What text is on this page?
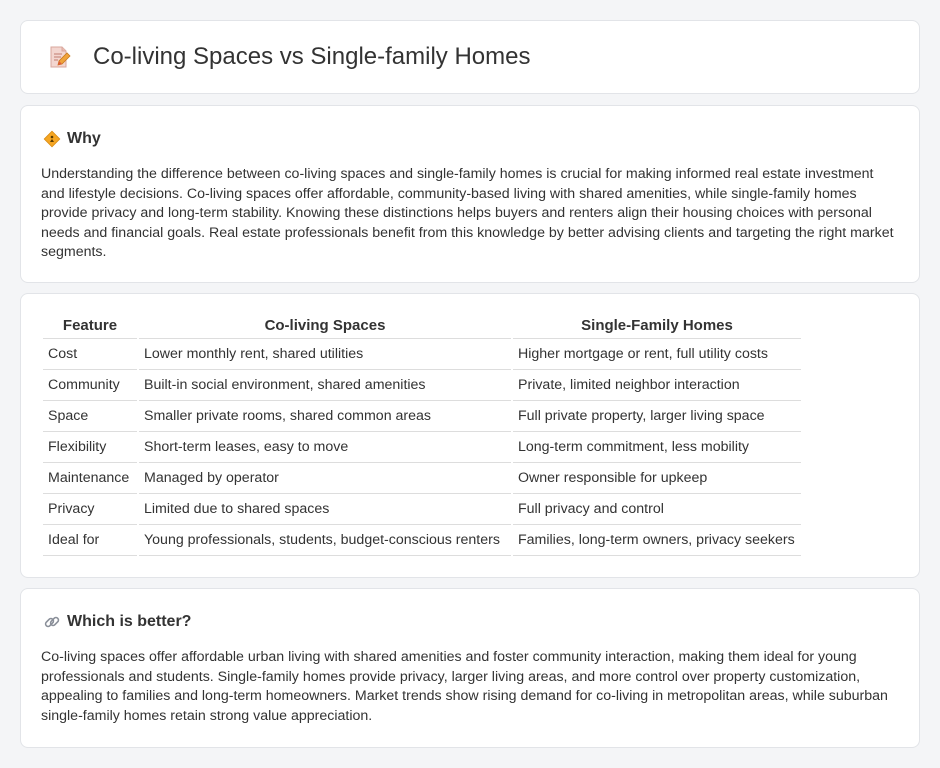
Co-living Spaces vs Single-family Homes
Why

Understanding the difference between co-living spaces and single-family homes is crucial for making informed real estate investment and lifestyle decisions. Co-living spaces offer affordable, community-based living with shared amenities, while single-family homes provide privacy and long-term stability. Knowing these distinctions helps buyers and renters align their housing choices with personal needs and financial goals. Real estate professionals benefit from this knowledge by better advising clients and targeting the right market segments.

Feature		Co-living Spaces		Single-Family Homes
Cost		Lower monthly rent, shared utilities		Higher mortgage or rent, full utility costs
Community		Built-in social environment, shared amenities		Private, limited neighbor interaction
Space		Smaller private rooms, shared common areas		Full private property, larger living space
Flexibility		Short-term leases, easy to move		Long-term commitment, less mobility
Maintenance		Managed by operator		Owner responsible for upkeep
Privacy		Limited due to shared spaces		Full privacy and control
Ideal for		Young professionals, students, budget-conscious renters		Families, long-term owners, privacy seekers
Which is better?

Co-living spaces offer affordable urban living with shared amenities and foster community interaction, making them ideal for young professionals and students. Single-family homes provide privacy, larger living areas, and more control over property customization, appealing to families and long-term homeowners. Market trends show rising demand for co-living in metropolitan areas, while suburban single-family homes retain strong value appreciation.
